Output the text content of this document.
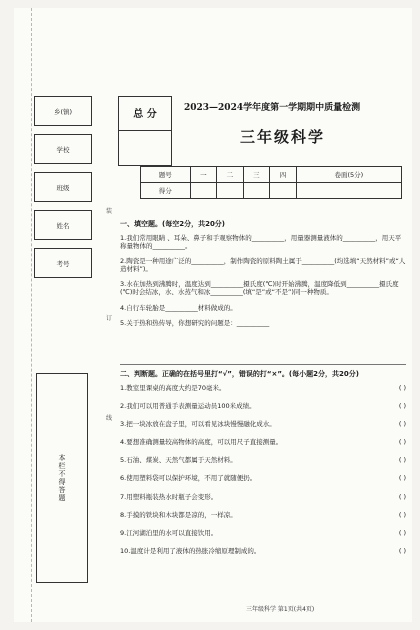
乡(镇)
学校
班级
姓名
考号
本栏不得答题
装
订
线
总 分
2023—2024学年度第一学期期中质量检测
三年级科学
题号	一	二	三	四	卷面(5分)
得分					
一、填空题。(每空2分，共20分)
1.我们常用眼睛 、耳朵、鼻子和手观察物体的__________，用量器测量液体的__________，用天平称量物体的__________。
2.陶瓷是一种用途广泛的__________，制作陶瓷的原料陶土属于__________(均选填“天然材料”或“人造材料”)。
3.水在加热到沸腾时，温度达到__________摄氏度(℃)时开始沸腾，温度降低到__________摄氏度(℃)时会结冰，水、水蒸气和冰__________(填“是”或“不是”)同一种物质。
4.自行车轮胎是__________材料做成的。
5.关于热和热传导，你想研究的问题是：__________
二、判断题。正确的在括号里打“√”，错误的打“×”。(每小题2分，共20分)
( )
1.教室里课桌的高度大约是70毫米。
( )
2.我们可以用普通手表测量运动员100米成绩。
( )
3.把一块冰放在盘子里，可以看见冰块慢慢融化成水。
( )
4.要想准确测量较高物体的高度，可以用尺子直接测量。
( )
5.石油、煤炭、天然气都属于天然材料。
( )
6.使用塑料袋可以保护环境，不用了就随便扔。
( )
7.用塑料瓶装热水时瓶子会变形。
( )
8.手摸的铁块和木块都是凉的，一样凉。
( )
9.江河湖泊里的水可以直接饮用。
( )
10.温度计是利用了液体的热胀冷缩原理制成的。
三年级科学 第1页(共4页)
